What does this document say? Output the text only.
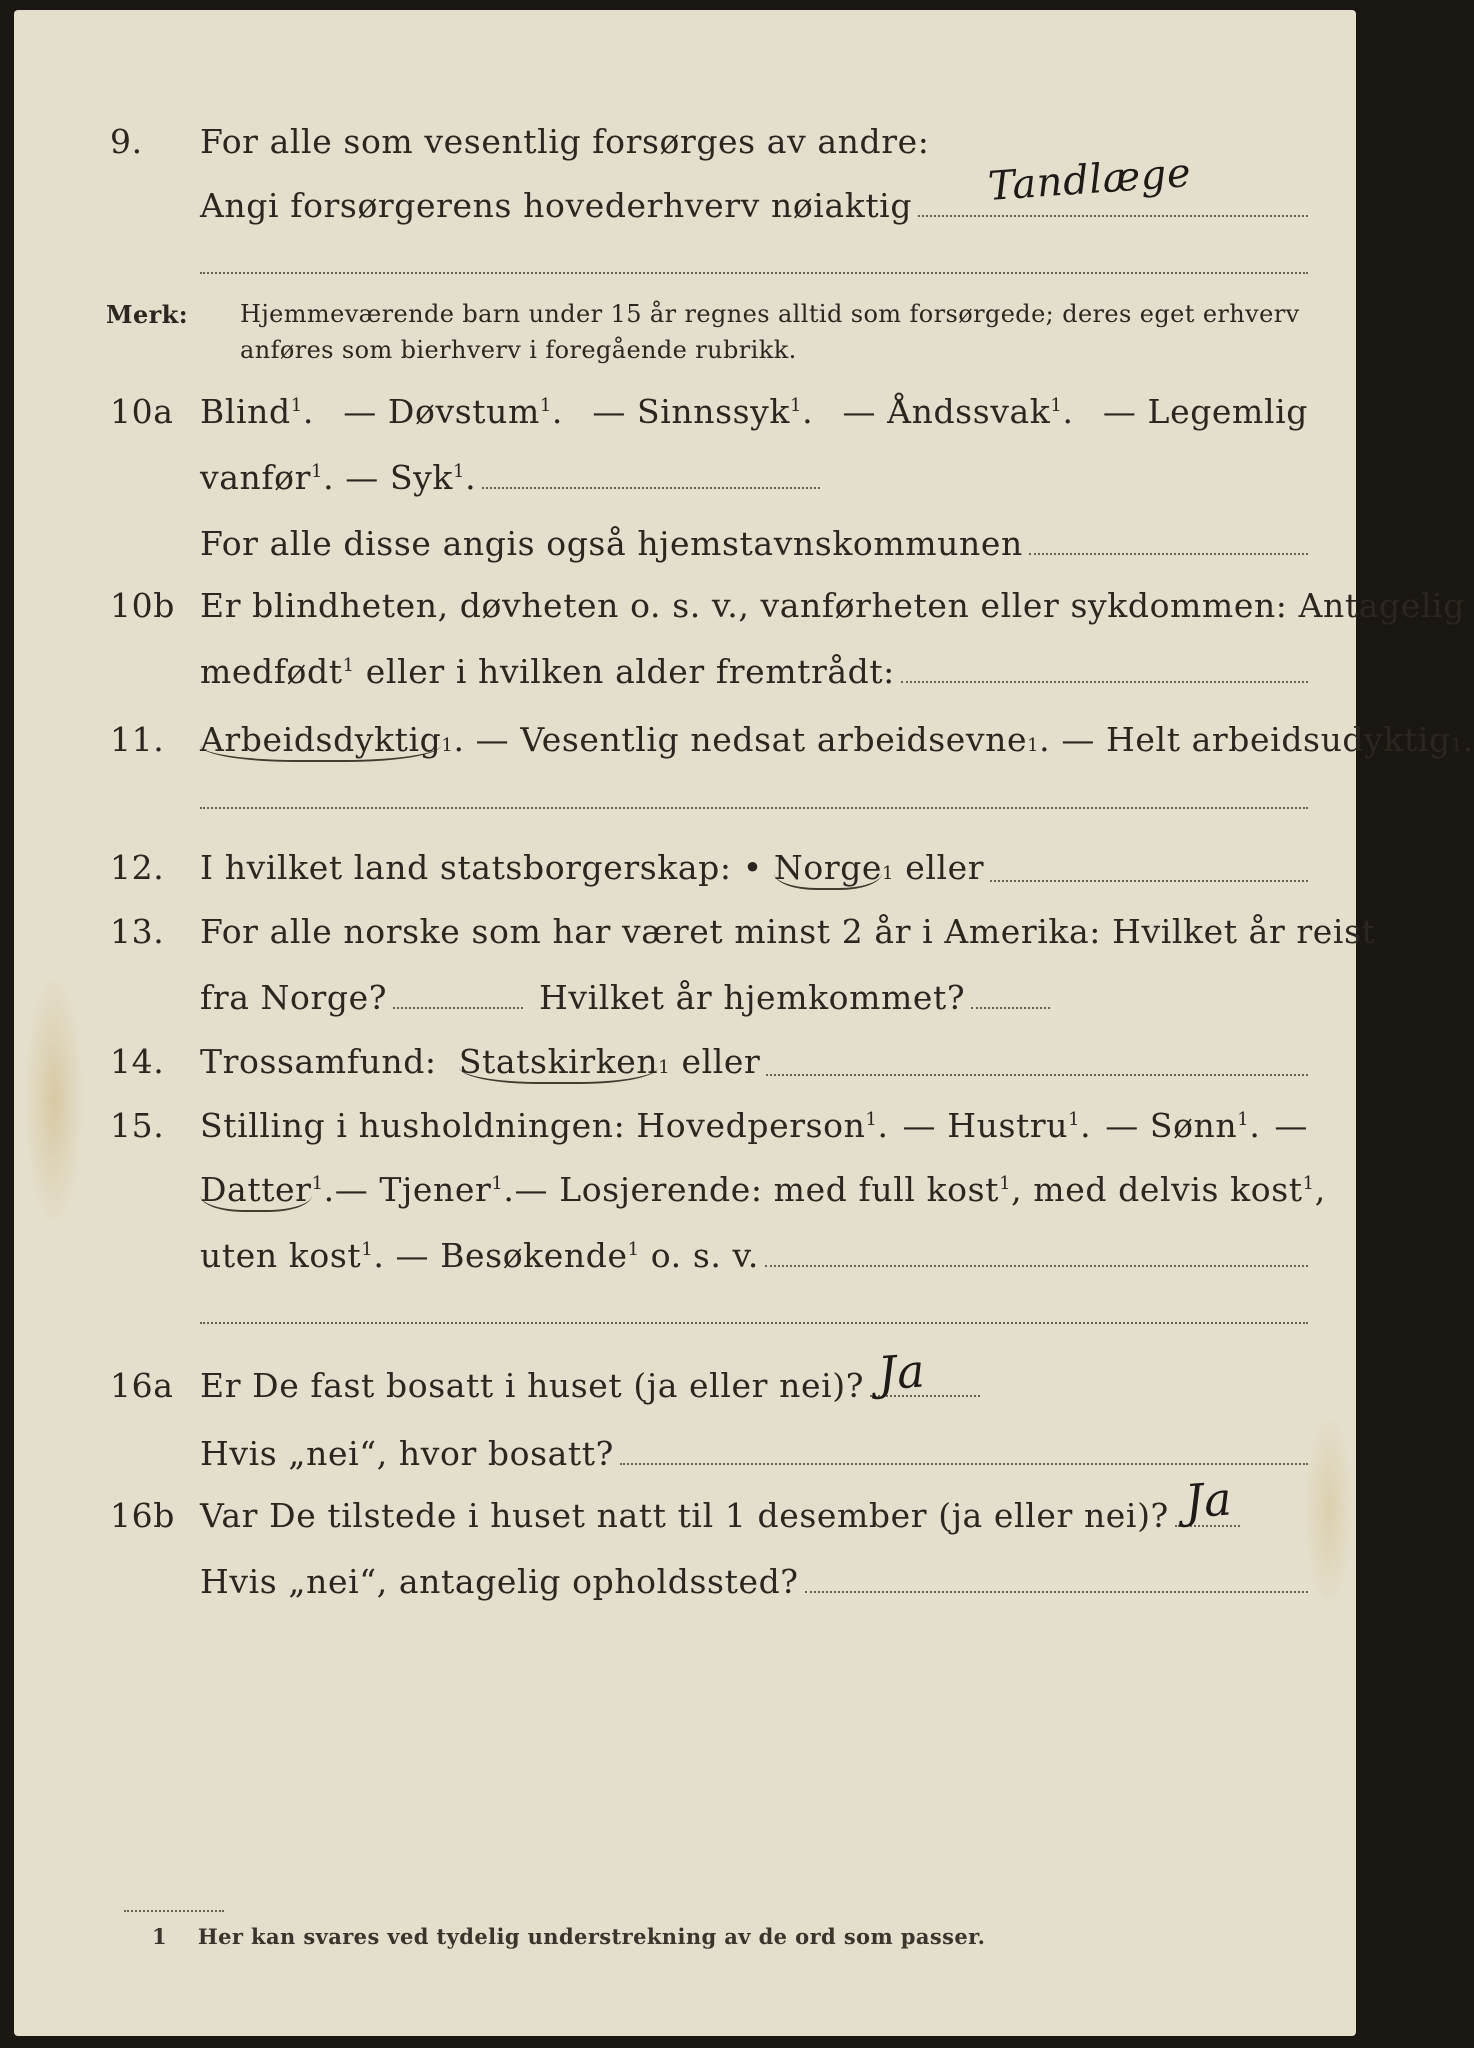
9. For alle som vesentlig forsørges av andre:
Angi forsørgerens hovederhverv nøiaktig Tandlæge
Merk: Hjemmeværende barn under 15 år regnes alltid som forsørgede; deres eget erhverv
anføres som bierhverv i foregående rubrikk.
10a Blind$^1$. — Døvstum$^1$. — Sinnssyk$^1$. — Åndssvak$^1$. — Legemlig
vanfør$^1$. — Syk$^1$.
For alle disse angis også hjemstavnskommunen
10b Er blindheten, døvheten o. s. v., vanførheten eller sykdommen: Antagelig
medfødt$^1$ eller i hvilken alder fremtrådt:
11. Arbeidsdyktig 1 . — Vesentlig nedsat arbeidsevne 1 . — Helt arbeidsudyktig 1 .
12. I hvilket land statsborgerskap: • Norge 1
eller
13. For alle norske som har været minst 2 år i Amerika: Hvilket år reist
fra Norge?	Hvilket år hjemkommet?
14. Trossamfund:
Statskirken 1
eller
15. Stilling i husholdningen: Hovedperson$^1$. — Hustru$^1$. — Sønn$^1$. —
Datter$^1$. — Tjener$^1$. — Losjerende: med full kost$^1$, med delvis kost$^1$,
uten kost$^1$. — Besøkende$^1$ o. s. v.
16a Er De fast bosatt i huset (ja eller nei)? Ja
Hvis „nei“, hvor bosatt?
16b Var De tilstede i huset natt til 1 desember (ja eller nei)? Ja
Hvis „nei“, antagelig opholdssted?
1 Her kan svares ved tydelig understrekning av de ord som passer.
